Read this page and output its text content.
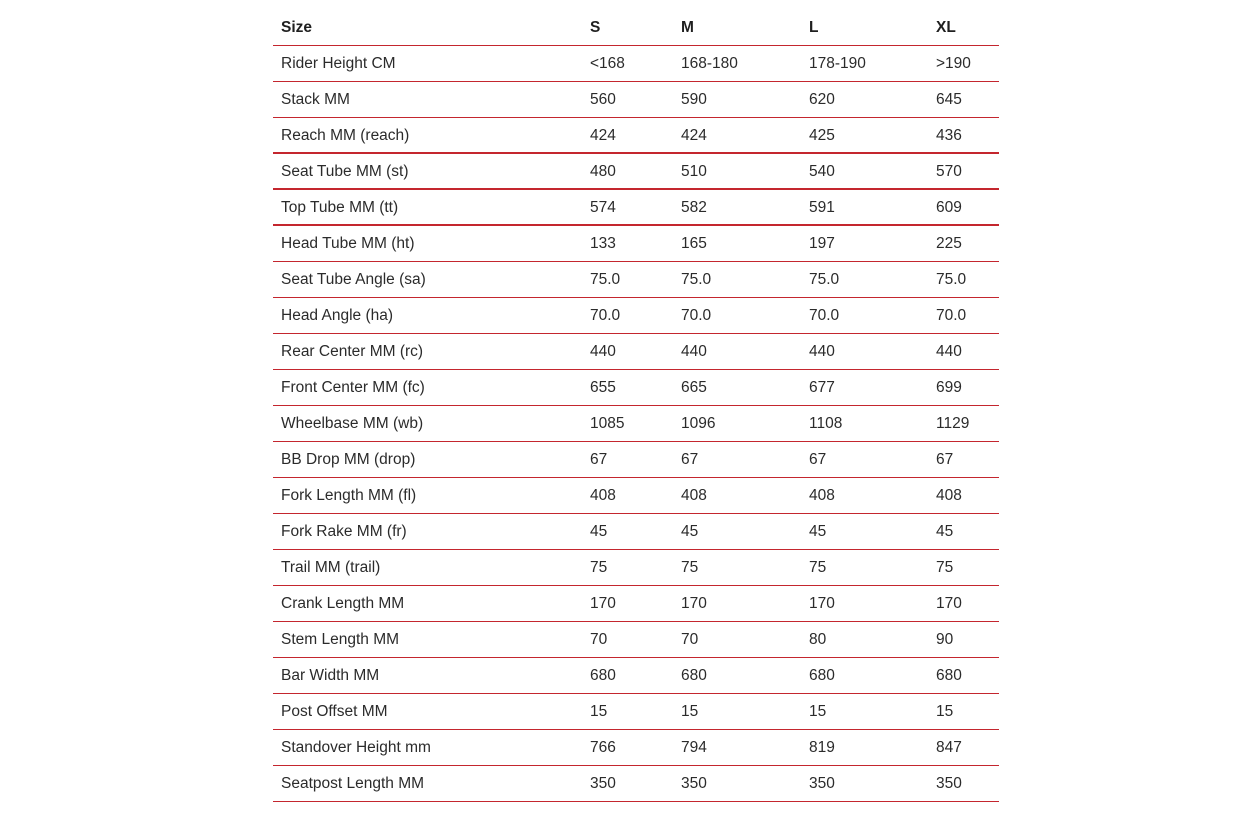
Size	S	M	L	XL
Rider Height CM	<168	168-180	178-190	>190
Stack MM	560	590	620	645
Reach MM (reach)	424	424	425	436
Seat Tube MM (st)	480	510	540	570
Top Tube MM (tt)	574	582	591	609
Head Tube MM (ht)	133	165	197	225
Seat Tube Angle (sa)	75.0	75.0	75.0	75.0
Head Angle (ha)	70.0	70.0	70.0	70.0
Rear Center MM (rc)	440	440	440	440
Front Center MM (fc)	655	665	677	699
Wheelbase MM (wb)	1085	1096	1108	1129
BB Drop MM (drop)	67	67	67	67
Fork Length MM (fl)	408	408	408	408
Fork Rake MM (fr)	45	45	45	45
Trail MM (trail)	75	75	75	75
Crank Length MM	170	170	170	170
Stem Length MM	70	70	80	90
Bar Width MM	680	680	680	680
Post Offset MM	15	15	15	15
Standover Height mm	766	794	819	847
Seatpost Length MM	350	350	350	350
